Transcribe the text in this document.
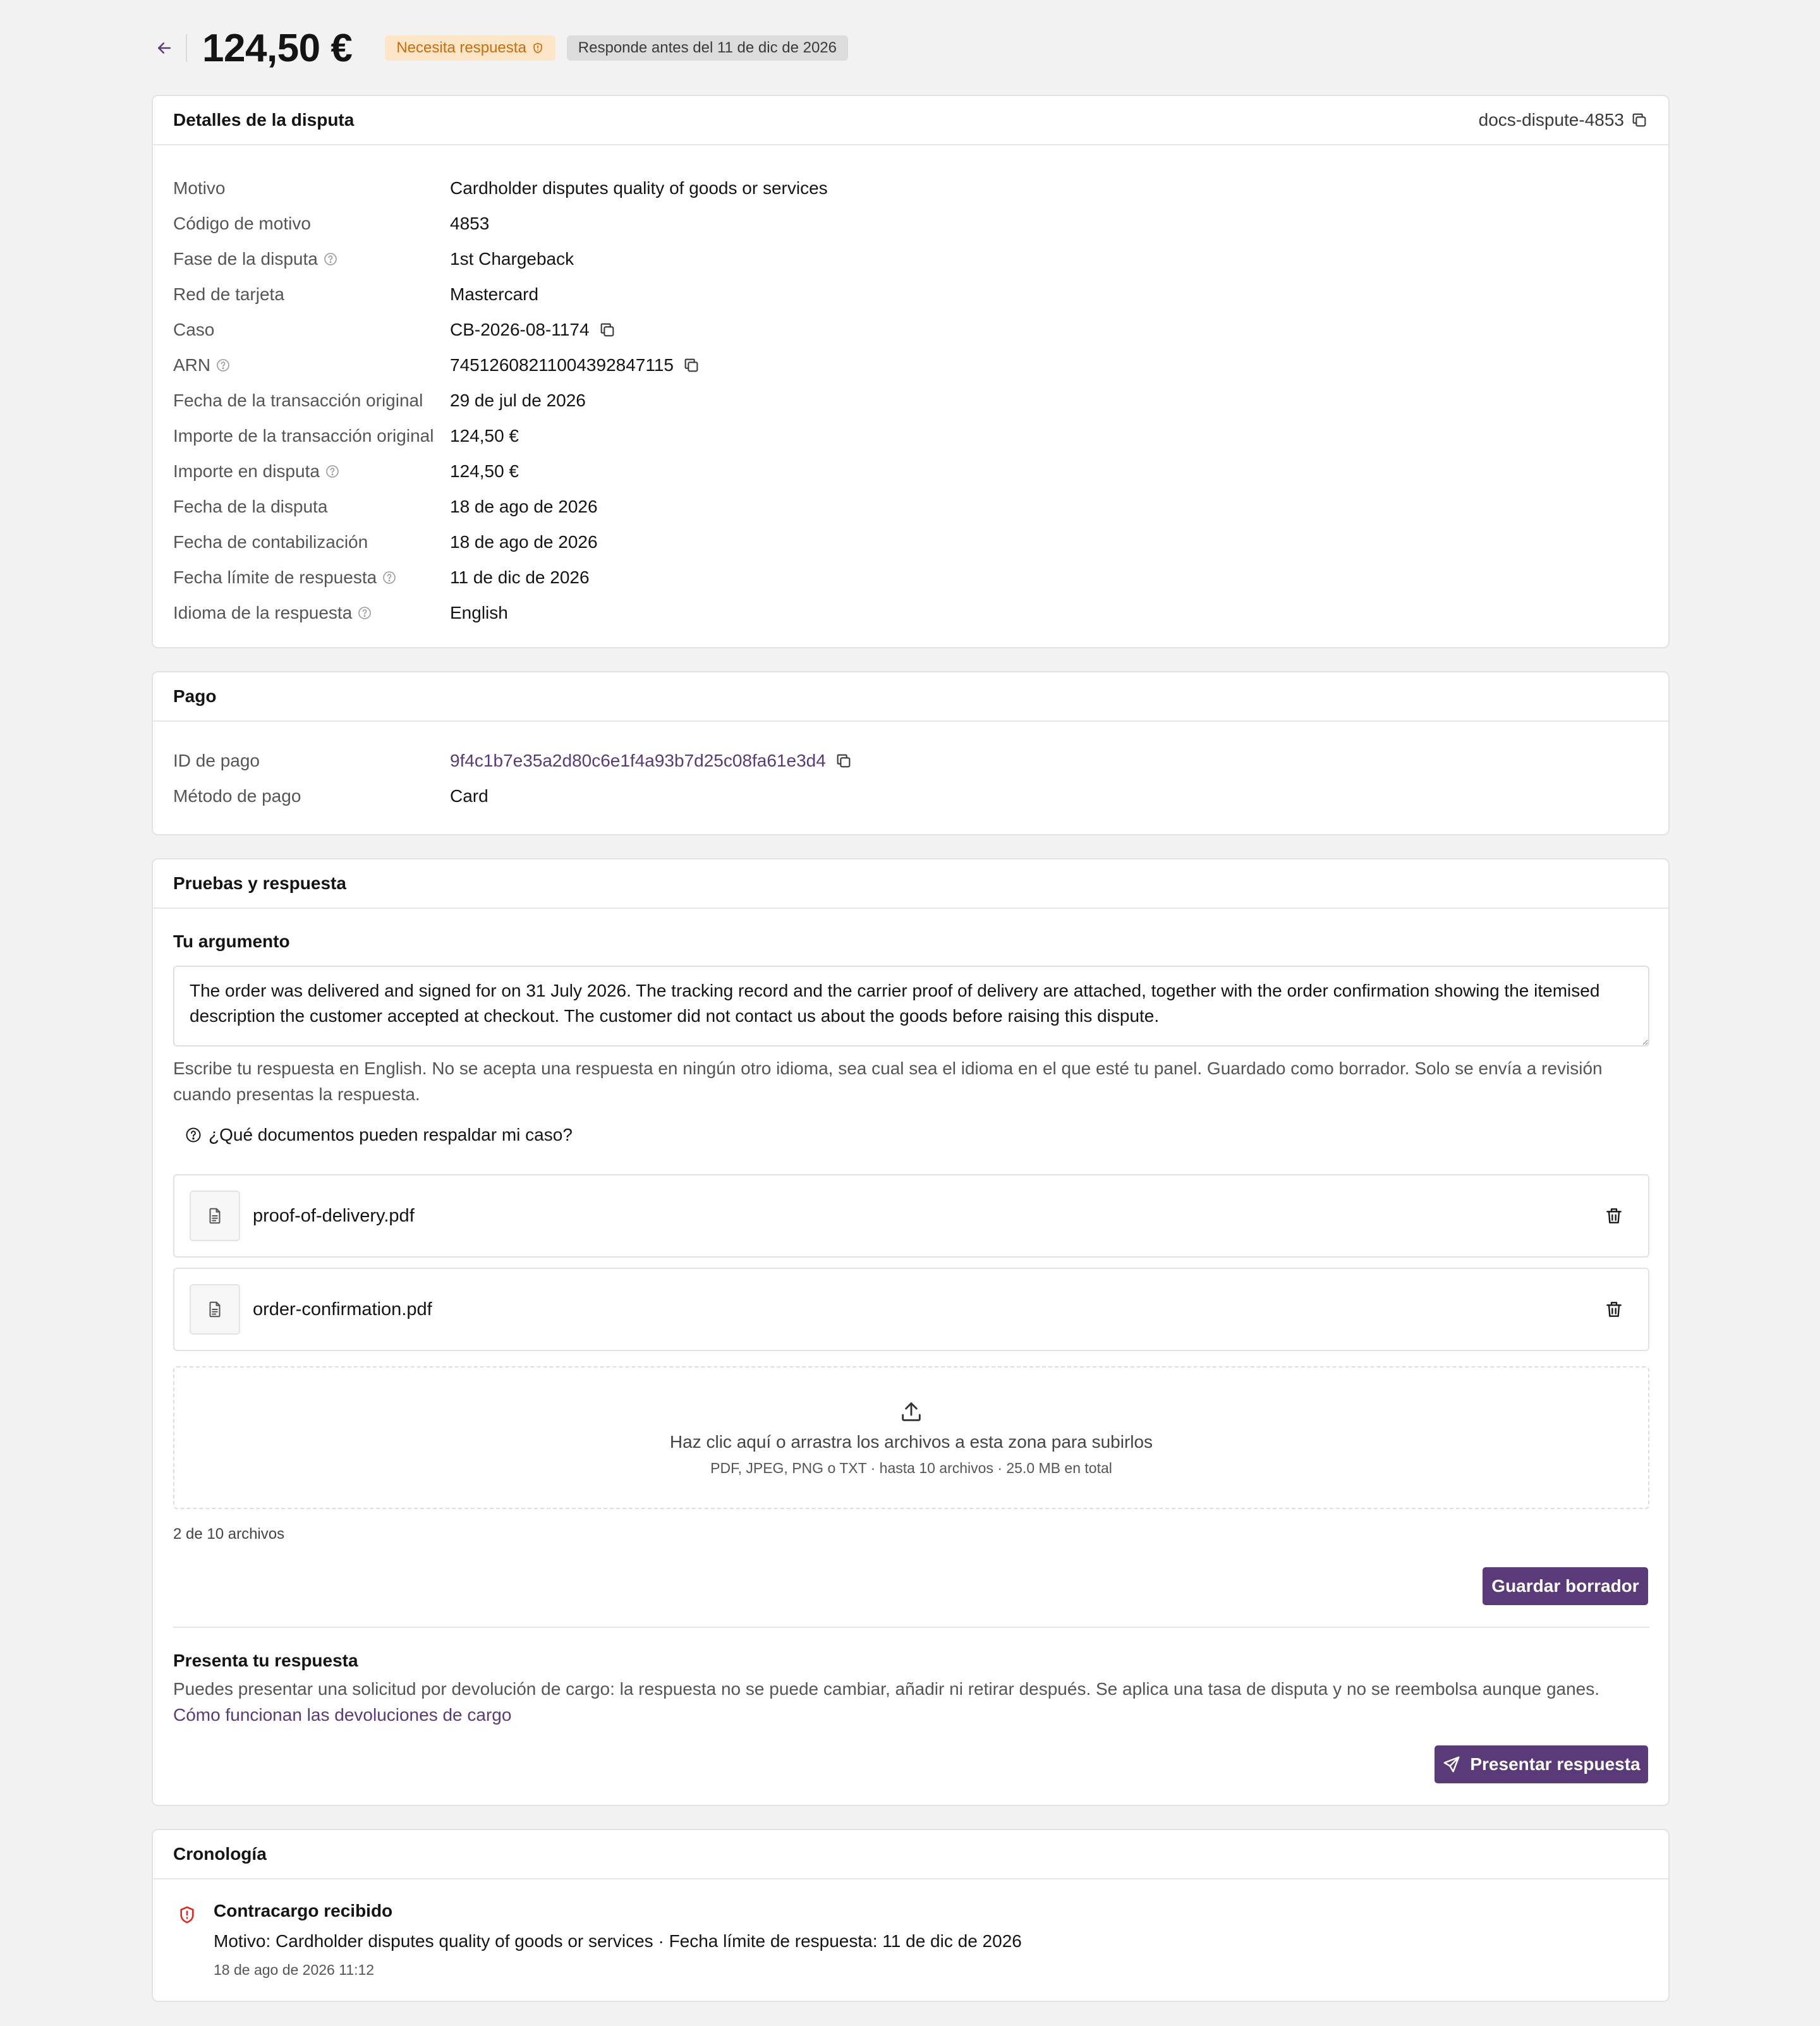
124,50 €	Necesita respuesta	Responde antes del 11 de dic de 2026
Detalles de la disputa	docs-dispute-4853
Motivo	Cardholder disputes quality of goods or services
Código de motivo	4853
Fase de la disputa	1st Chargeback
Red de tarjeta	Mastercard
Caso	CB-2026-08-1174
ARN	74512608211004392847115
Fecha de la transacción original 29 de jul de 2026
Importe de la transacción original 124,50 €
Importe en disputa	124,50 €
Fecha de la disputa	18 de ago de 2026
Fecha de contabilización	18 de ago de 2026
Fecha límite de respuesta	11 de dic de 2026
Idioma de la respuesta	English
Pago
ID de pago	9f4c1b7e35a2d80c6e1f4a93b7d25c08fa61e3d4
Método de pago	Card
Pruebas y respuesta
Tu argumento
The order was delivered and signed for on 31 July 2026. The tracking record and the carrier proof of delivery are attached, together with the order confirmation showing the itemised description the customer accepted at checkout. The customer did not contact us about the goods before raising this dispute.
Escribe tu respuesta en English. No se acepta una respuesta en ningún otro idioma, sea cual sea el idioma en el que esté tu panel. Guardado como borrador. Solo se envía a revisión cuando presentas la respuesta.
¿Qué documentos pueden respaldar mi caso?
proof-of-delivery.pdf
order-confirmation.pdf
Haz clic aquí o arrastra los archivos a esta zona para subirlos
PDF, JPEG, PNG o TXT · hasta 10 archivos · 25.0 MB en total
2 de 10 archivos
Guardar borrador
Presenta tu respuesta
Puedes presentar una solicitud por devolución de cargo: la respuesta no se puede cambiar, añadir ni retirar después. Se aplica una tasa de disputa y no se reembolsa aunque ganes.
Cómo funcionan las devoluciones de cargo
Presentar respuesta
Cronología
Contracargo recibido
Motivo: Cardholder disputes quality of goods or services · Fecha límite de respuesta: 11 de dic de 2026
18 de ago de 2026 11:12
